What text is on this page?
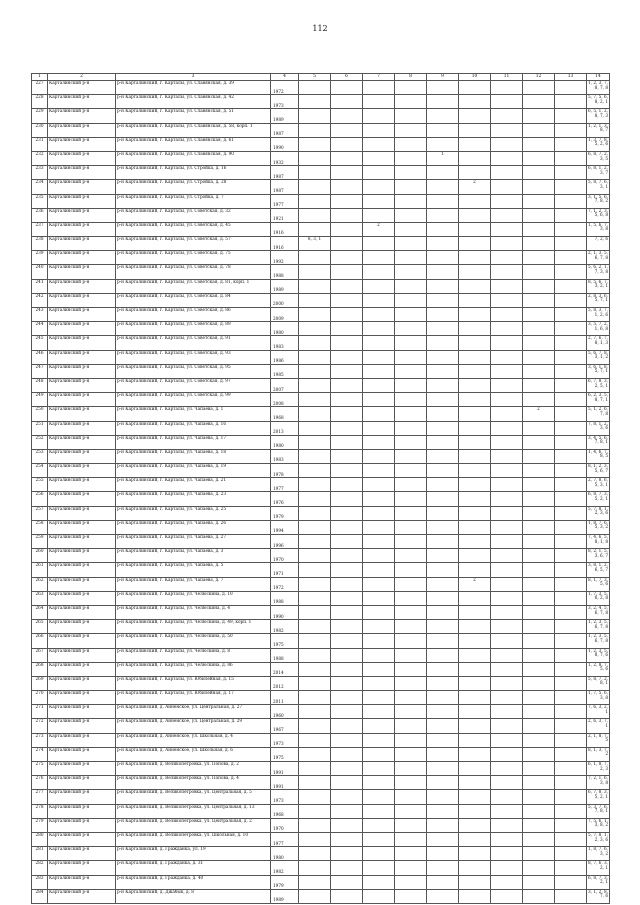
112
1	2	3	4	5	6	7	8	9	10	11	12	13	14
227	Карталинский р-н	р-н Карталинский, г. Карталы, ул. Славянская, д. 39	1972										1, 2, 3, 7, 8, 7, 8
228	Карталинский р-н	р-н Карталинский, г. Карталы, ул. Славянская, д. 42	1973										5, 7, 5, 6, 8, 2, 1
229	Карталинский р-н	р-н Карталинский, г. Карталы, ул. Славянская, д. 51	1989										6, 5, 1, 2, 8, 7, 3
230	Карталинский р-н	р-н Карталинский, г. Карталы, ул. Славянская, д. 58, корп. 1	1987										1, 2, 1, 3, 8, 7
231	Карталинский р-н	р-н Карталинский, г. Карталы, ул. Славянская, д. 61	1990										1, 3, 7, 8, 5, 2, 6
232	Карталинский р-н	р-н Карталинский, г. Карталы, ул. Славянская, д. 90	1932					1					6, 8, 7, 2, 3, 5
233	Карталинский р-н	р-н Карталинский, г. Карталы, ул. Стройка, д. 16	1987										6, 8, 1, 2, 3, 7
234	Карталинский р-н	р-н Карталинский, г. Карталы, ул. Стройка, д. 28	1987						2				5, 8, 7, 6, 3, 1
235	Карталинский р-н	р-н Карталинский, г. Карталы, ул. Стройка, д. 7	1977										3, 1, 5, 6, 7, 8, 2
236	Карталинский р-н	р-н Карталинский, г. Карталы, ул. Советская, д. 32	1921										7, 1, 2, 3, 5, 6, 8
237	Карталинский р-н	р-н Карталинский, г. Карталы, ул. Советская, д. 45	1916			2							1, 5, 6, 7, 3, 8
238	Карталинский р-н	р-н Карталинский, г. Карталы, ул. Советская, д. 57	1916	8, 3, 1									7, 2, 6
239	Карталинский р-н	р-н Карталинский, г. Карталы, ул. Советская, д. 75	1992										2, 1, 3, 5, 6, 7, 8
240	Карталинский р-н	р-н Карталинский, г. Карталы, ул. Советская, д. 78	1988										5, 6, 2, 1, 7, 3, 8
241	Карталинский р-н	р-н Карталинский, г. Карталы, ул. Советская, д. 81, корп. 1	1989										8, 5, 6, 7, 3, 2, 1
242	Карталинский р-н	р-н Карталинский, г. Карталы, ул. Советская, д. 84	2000										2, 8, 3, 6, 5, 7, 1
243	Карталинский р-н	р-н Карталинский, г. Карталы, ул. Советская, д. 86	2009										5, 8, 3, 7, 1, 2, 6
244	Карталинский р-н	р-н Карталинский, г. Карталы, ул. Советская, д. 89	1980										3, 5, 7, 2, 1, 6, 8
245	Карталинский р-н	р-н Карталинский, г. Карталы, ул. Советская, д. 91	1983										2, 7, 6, 7, 8, 1, 3
246	Карталинский р-н	р-н Карталинский, г. Карталы, ул. Советская, д. 93	1986										5, 6, 7, 8, 3, 1, 2
247	Карталинский р-н	р-н Карталинский, г. Карталы, ул. Советская, д. 95	1985										3, 6, 1, 8, 5, 7, 1
248	Карталинский р-н	р-н Карталинский, г. Карталы, ул. Советская, д. 97	2007										6, 7, 8, 3, 2, 5, 1
249	Карталинский р-н	р-н Карталинский, г. Карталы, ул. Советская, д. 99	2008										6, 2, 3, 5, 8, 7, 1
250	Карталинский р-н	р-н Карталинский, г. Карталы, ул. Чапаева, д. 1	1968								2		5, 1, 2, 6, 7, 8
251	Карталинский р-н	р-н Карталинский, г. Карталы, ул. Чапаева, д. 16	2013										7, 8, 1, 2, 3, 6
252	Карталинский р-н	р-н Карталинский, г. Карталы, ул. Чапаева, д. 17	1980										3, 4, 5, 6, 7, 8, 1
253	Карталинский р-н	р-н Карталинский, г. Карталы, ул. Чапаева, д. 18	1983										1, 4, 6, 7, 8, 5
254	Карталинский р-н	р-н Карталинский, г. Карталы, ул. Чапаева, д. 19	1978										8, 1, 2, 3, 5, 6, 7
255	Карталинский р-н	р-н Карталинский, г. Карталы, ул. Чапаева, д. 21	1977										2, 7, 8, 6, 5, 3, 1
256	Карталинский р-н	р-н Карталинский, г. Карталы, ул. Чапаева, д. 23	1976										6, 8, 7, 3, 5, 2, 1
257	Карталинский р-н	р-н Карталинский, г. Карталы, ул. Чапаева, д. 25	1979										5, 7, 8, 1, 2, 3, 6
258	Карталинский р-н	р-н Карталинский, г. Карталы, ул. Чапаева, д. 26	1994										1, 8, 7, 6, 5, 3, 2
259	Карталинский р-н	р-н Карталинский, г. Карталы, ул. Чапаева, д. 27	1996										7, 4, 6, 5, 8, 1, 8
260	Карталинский р-н	р-н Карталинский, г. Карталы, ул. Чапаева, д. 3	1970										8, 2, 1, 5, 3, 6, 7
261	Карталинский р-н	р-н Карталинский, г. Карталы, ул. Чапаева, д. 5	1971										3, 8, 1, 2, 6, 5, 7
262	Карталинский р-н	р-н Карталинский, г. Карталы, ул. Чапаева, д. 7	1972						2				8, 1, 7, 3, 5, 6
263	Карталинский р-н	р-н Карталинский, г. Карталы, ул. Челюскина, д. 10	1988										1, 7, 3, 5, 6, 2, 8
264	Карталинский р-н	р-н Карталинский, г. Карталы, ул. Челюскина, д. 4	1990										3, 2, 4, 5, 6, 7, 8
265	Карталинский р-н	р-н Карталинский, г. Карталы, ул. Челюскина, д. 49, корп. 1	1982										1, 2, 3, 5, 6, 7, 8
266	Карталинский р-н	р-н Карталинский, г. Карталы, ул. Челюскина, д. 50	1975										1, 2, 3, 5, 6, 7, 8
267	Карталинский р-н	р-н Карталинский, г. Карталы, ул. Челюскина, д. 8	1988										1, 2, 3, 5, 8, 7, 6
268	Карталинский р-н	р-н Карталинский, г. Карталы, ул. Челюскина, д. 86	2014										1, 2, 8, 7, 5, 6
269	Карталинский р-н	р-н Карталинский, г. Карталы, ул. Юбилейная, д. 15	2012										5, 8, 7, 2, 8, 1
270	Карталинский р-н	р-н Карталинский, г. Карталы, ул. Юбилейная, д. 17	2011										1, 7, 5, 6, 3, 8
271	Карталинский р-н	р-н Карталинский, д. Анненское, ул. Центральная, д. 27	1960										7, 6, 3, 2, 1
272	Карталинский р-н	р-н Карталинский, д. Анненское, ул. Центральная, д. 29	1967										2, 6, 3, 7, 1
273	Карталинский р-н	р-н Карталинский, д. Анненское, ул. Школьная, д. 4	1973										2, 1, 8, 7, 5
274	Карталинский р-н	р-н Карталинский, д. Анненское, ул. Школьная, д. 6	1975										8, 1, 3, 7, 2
275	Карталинский р-н	р-н Карталинский, д. Великопетровка, ул. Попова, д. 2	1991										6, 1, 8, 7, 2, 3
276	Карталинский р-н	р-н Карталинский, д. Великопетровка, ул. Попова, д. 4	1991										7, 2, 1, 6, 3, 8
277	Карталинский р-н	р-н Карталинский, д. Великопетровка, ул. Центральная, д. 5	1973										6, 7, 8, 3, 5, 2, 1
278	Карталинский р-н	р-н Карталинский, д. Великопетровка, ул. Центральная, д. 13	1968										5, 3, 7, 6, 7, 8, 1
279	Карталинский р-н	р-н Карталинский, д. Великопетровка, ул. Центральная, д. 2	1970										7, 5, 6, 1, 3, 8, 2
280	Карталинский р-н	р-н Карталинский, д. Великопетровка, ул. Школьная, д. 10	1977										5, 7, 8, 1, 2, 3, 6
281	Карталинский р-н	р-н Карталинский, д. Гражданка, ул. 19	1980										1, 8, 7, 6, 3, 2
282	Карталинский р-н	р-н Карталинский, д. Гражданка, д. 31	1982										8, 7, 6, 3, 2, 1
283	Карталинский р-н	р-н Карталинский, д. Гражданка, д. 40	1979										6, 8, 7, 3, 2, 1
284	Карталинский р-н	р-н Карталинский, д. Джабык, д. 8	1989										3, 1, 2, 8, 7, 6
